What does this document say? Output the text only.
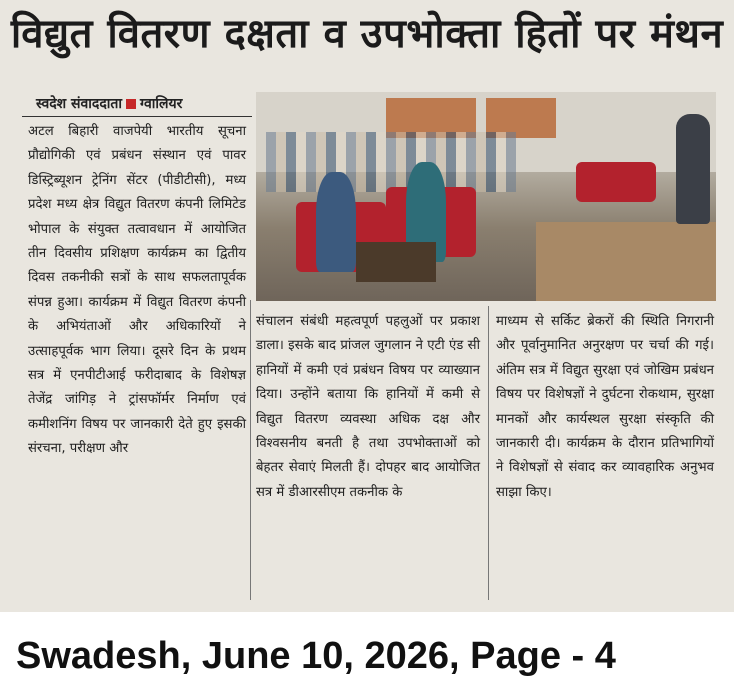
विद्युत वितरण दक्षता व उपभोक्ता हितों पर मंथन
स्वदेश संवाददाता ग्वालियर

अटल बिहारी वाजपेयी भारतीय सूचना प्रौद्योगिकी एवं प्रबंधन संस्थान एवं पावर डिस्ट्रिब्यूशन ट्रेनिंग सेंटर (पीडीटीसी), मध्य प्रदेश मध्य क्षेत्र विद्युत वितरण कंपनी लिमिटेड भोपाल के संयुक्त तत्वावधान में आयोजित तीन दिवसीय प्रशिक्षण कार्यक्रम का द्वितीय दिवस तकनीकी सत्रों के साथ सफलतापूर्वक संपन्न हुआ। कार्यक्रम में विद्युत वितरण कंपनी के अभियंताओं और अधिकारियों ने उत्साहपूर्वक भाग लिया। दूसरे दिन के प्रथम सत्र में एनपीटीआई फरीदाबाद के विशेषज्ञ तेजेंद्र जांगिड़ ने ट्रांसफॉर्मर निर्माण एवं कमीशनिंग विषय पर जानकारी देते हुए इसकी संरचना, परीक्षण और

संचालन संबंधी महत्वपूर्ण पहलुओं पर प्रकाश डाला। इसके बाद प्रांजल जुगलान ने एटी एंड सी हानियों में कमी एवं प्रबंधन विषय पर व्याख्यान दिया। उन्होंने बताया कि हानियों में कमी से विद्युत वितरण व्यवस्था अधिक दक्ष और विश्वसनीय बनती है तथा उपभोक्ताओं को बेहतर सेवाएं मिलती हैं। दोपहर बाद आयोजित सत्र में डीआरसीएम तकनीक के

माध्यम से सर्किट ब्रेकरों की स्थिति निगरानी और पूर्वानुमानित अनुरक्षण पर चर्चा की गई। अंतिम सत्र में विद्युत सुरक्षा एवं जोखिम प्रबंधन विषय पर विशेषज्ञों ने दुर्घटना रोकथाम, सुरक्षा मानकों और कार्यस्थल सुरक्षा संस्कृति की जानकारी दी। कार्यक्रम के दौरान प्रतिभागियों ने विशेषज्ञों से संवाद कर व्यावहारिक अनुभव साझा किए।

Swadesh, June 10, 2026, Page - 4
